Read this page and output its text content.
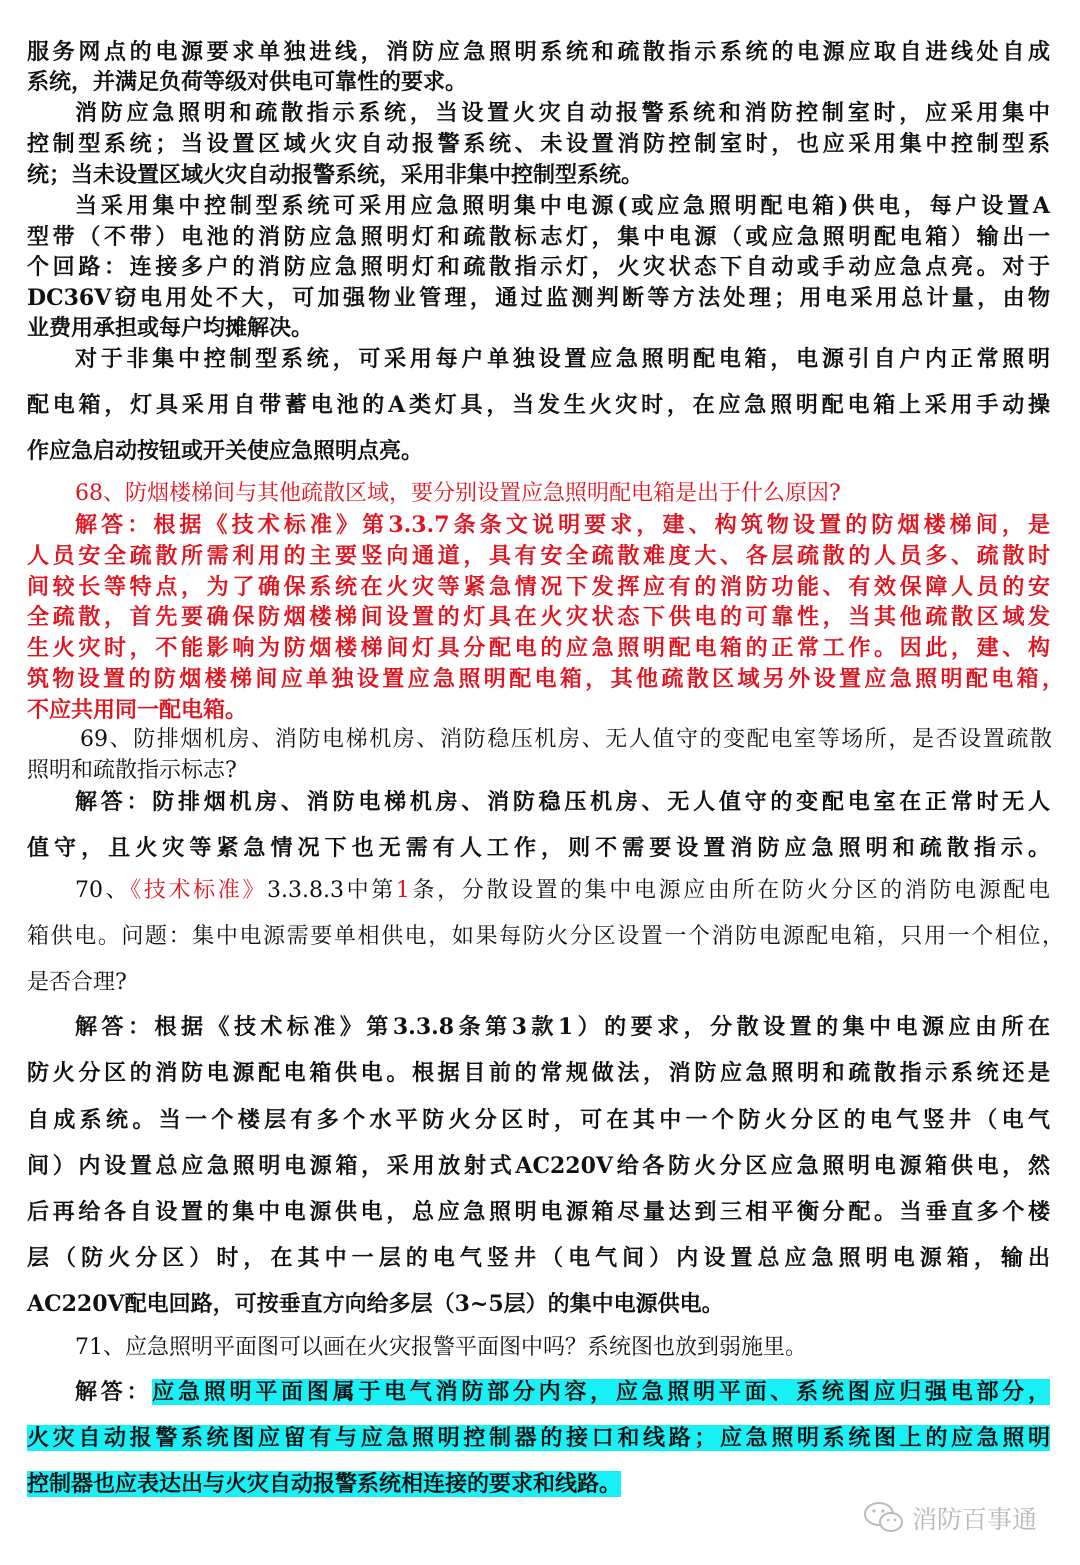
服务网点的电源要求单独进线，消防应急照明系统和疏散指示系统的电源应取自进线处自成
系统，并满足负荷等级对供电可靠性的要求。
消防应急照明和疏散指示系统，当设置火灾自动报警系统和消防控制室时，应采用集中
控制型系统；当设置区域火灾自动报警系统、未设置消防控制室时，也应采用集中控制型系
统；当未设置区域火灾自动报警系统，采用非集中控制型系统。
当采用集中控制型系统可采用应急照明集中电源(或应急照明配电箱)供电，每户设置A
型带（不带）电池的消防应急照明灯和疏散标志灯，集中电源（或应急照明配电箱）输出一
个回路：连接多户的消防应急照明灯和疏散指示灯，火灾状态下自动或手动应急点亮。对于
DC36V窃电用处不大，可加强物业管理，通过监测判断等方法处理；用电采用总计量，由物
业费用承担或每户均摊解决。
对于非集中控制型系统，可采用每户单独设置应急照明配电箱，电源引自户内正常照明
配电箱，灯具采用自带蓄电池的A类灯具，当发生火灾时，在应急照明配电箱上采用手动操
作应急启动按钮或开关使应急照明点亮。
68、防烟楼梯间与其他疏散区域，要分别设置应急照明配电箱是出于什么原因?
解答：根据《技术标准》第3.3.7条条文说明要求，建、构筑物设置的防烟楼梯间，是
人员安全疏散所需利用的主要竖向通道，具有安全疏散难度大、各层疏散的人员多、疏散时
间较长等特点，为了确保系统在火灾等紧急情况下发挥应有的消防功能、有效保障人员的安
全疏散，首先要确保防烟楼梯间设置的灯具在火灾状态下供电的可靠性，当其他疏散区域发
生火灾时，不能影响为防烟楼梯间灯具分配电的应急照明配电箱的正常工作。因此，建、构
筑物设置的防烟楼梯间应单独设置应急照明配电箱，其他疏散区域另外设置应急照明配电箱，
不应共用同一配电箱。
69、防排烟机房、消防电梯机房、消防稳压机房、无人值守的变配电室等场所，是否设置疏散
照明和疏散指示标志?
解答：防排烟机房、消防电梯机房、消防稳压机房、无人值守的变配电室在正常时无人
值守，且火灾等紧急情况下也无需有人工作，则不需要设置消防应急照明和疏散指示。
70、《技术标准》3.3.8.3中第1条，分散设置的集中电源应由所在防火分区的消防电源配电
箱供电。问题：集中电源需要单相供电，如果每防火分区设置一个消防电源配电箱，只用一个相位，
是否合理?
解答：根据《技术标准》第3.3.8条第3款1）的要求，分散设置的集中电源应由所在
防火分区的消防电源配电箱供电。根据目前的常规做法，消防应急照明和疏散指示系统还是
自成系统。当一个楼层有多个水平防火分区时，可在其中一个防火分区的电气竖井（电气
间）内设置总应急照明电源箱，采用放射式AC220V给各防火分区应急照明电源箱供电，然
后再给各自设置的集中电源供电，总应急照明电源箱尽量达到三相平衡分配。当垂直多个楼
层（防火分区）时，在其中一层的电气竖井（电气间）内设置总应急照明电源箱，输出
AC220V配电回路，可按垂直方向给多层（3~5层）的集中电源供电。
71、应急照明平面图可以画在火灾报警平面图中吗？系统图也放到弱施里。
解答：应急照明平面图属于电气消防部分内容，应急照明平面、系统图应归强电部分，
火灾自动报警系统图应留有与应急照明控制器的接口和线路；应急照明系统图上的应急照明
控制器也应表达出与火灾自动报警系统相连接的要求和线路。
消防百事通
